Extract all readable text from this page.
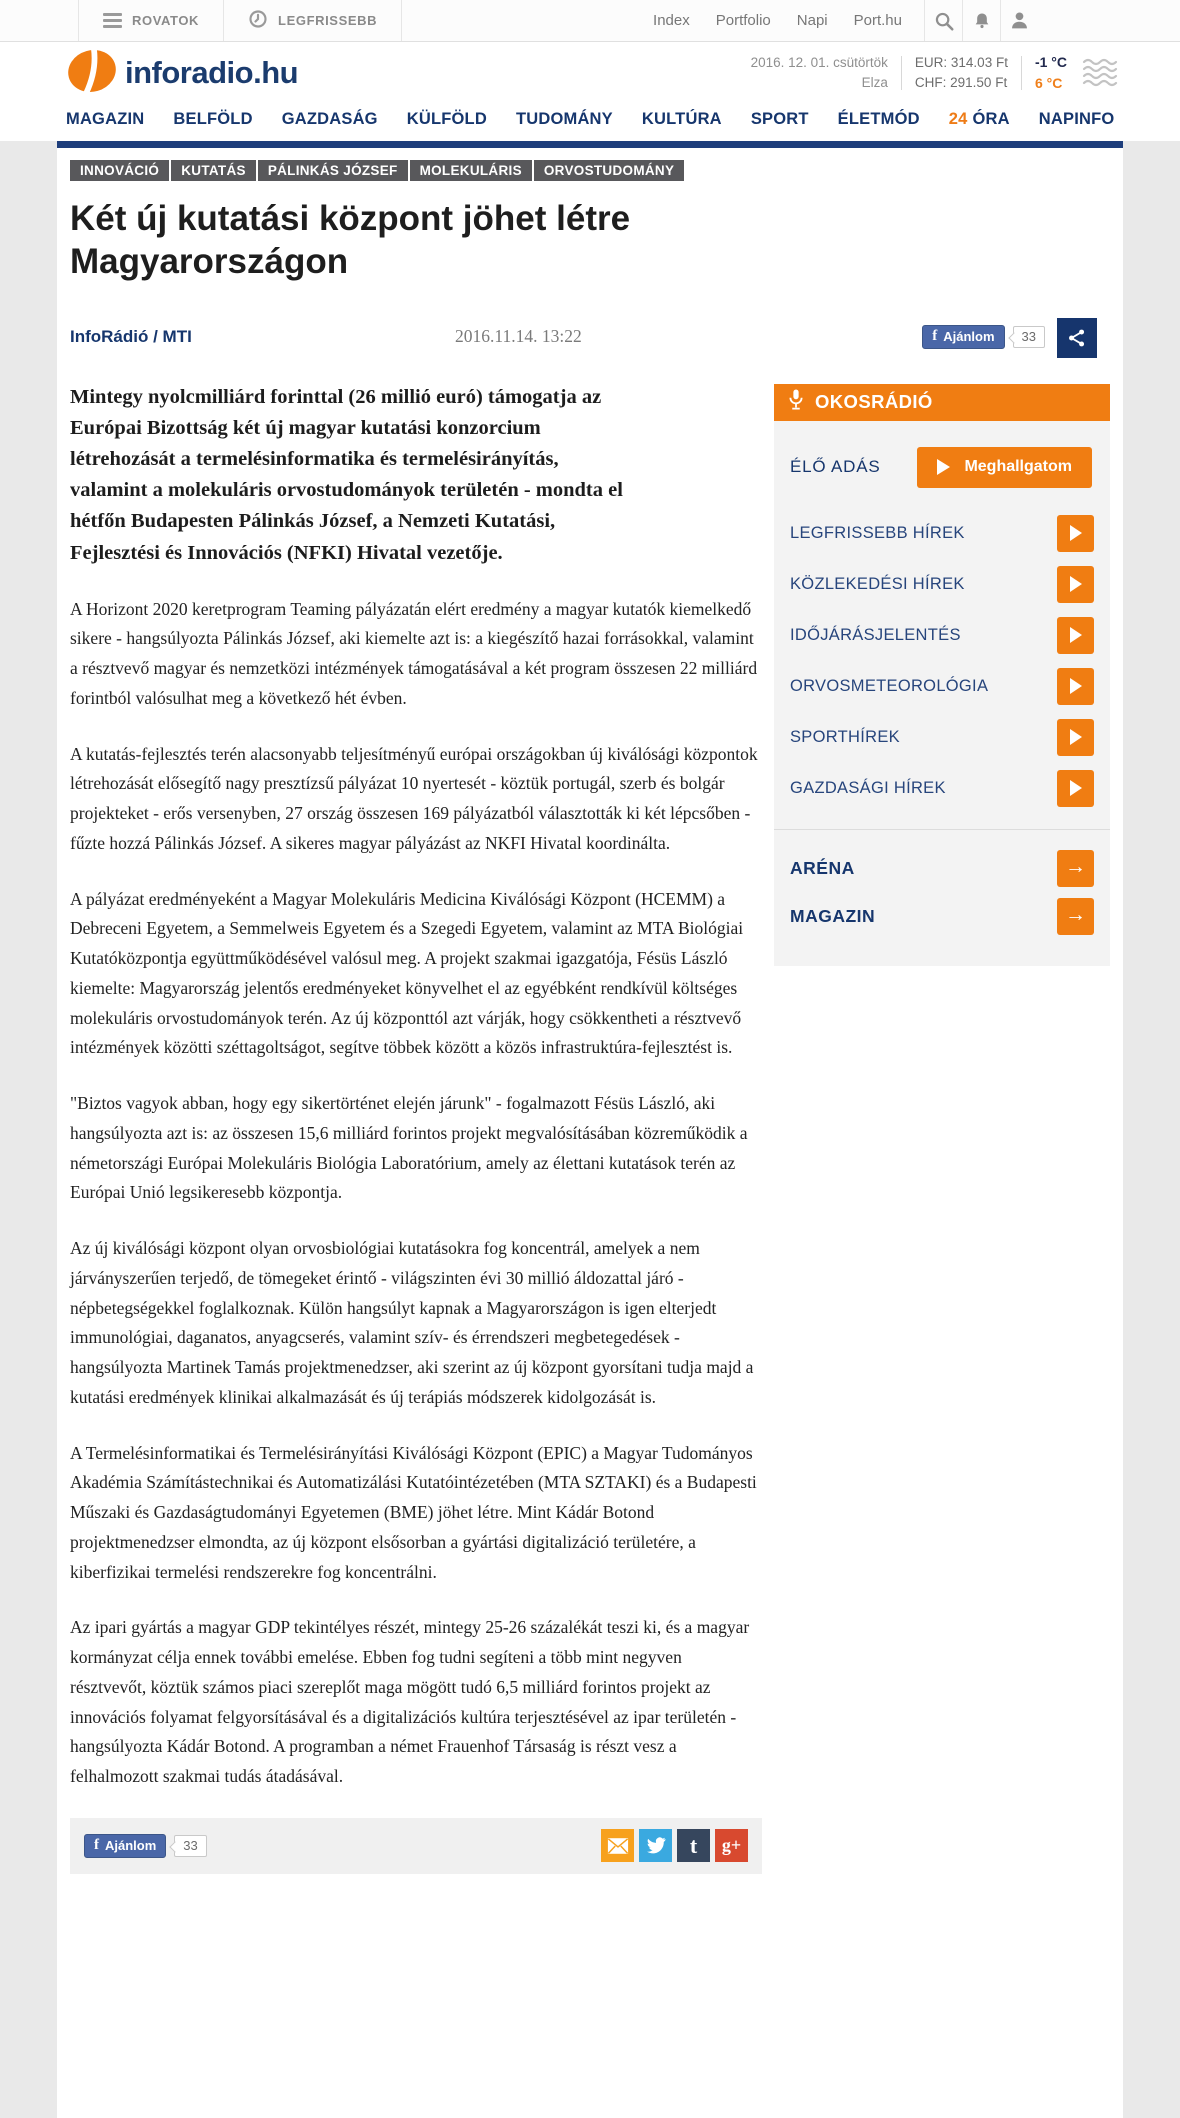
ROVATOK	LEGFRISSEBB	Index Portfolio Napi Port.hu
inforadio.hu	2016. 12. 01. csütörtök
Elza
EUR: 314.03 Ft
CHF: 291.50 Ft
-1 °C
6 °C
MAGAZIN BELFÖLD GAZDASÁG KÜLFÖLD TUDOMÁNY KULTÚRA SPORT ÉLETMÓD 24 ÓRA NAPINFO
INNOVÁCIÓ	KUTATÁS	PÁLINKÁS JÓZSEF	MOLEKULÁRIS	ORVOSTUDOMÁNY
Két új kutatási központ jöhet létre Magyarországon
InfoRádió / MTI	2016.11.14. 13:22	f Ajánlom	33

Mintegy nyolcmilliárd forinttal (26 millió euró) támogatja az Európai Bizottság két új magyar kutatási konzorcium létrehozását a termelésinformatika és termelésirányítás, valamint a molekuláris orvostudományok területén - mondta el hétfőn Budapesten Pálinkás József, a Nemzeti Kutatási, Fejlesztési és Innovációs (NFKI) Hivatal vezetője.

A Horizont 2020 keretprogram Teaming pályázatán elért eredmény a magyar kutatók kiemelkedő sikere - hangsúlyozta Pálinkás József, aki kiemelte azt is: a kiegészítő hazai forrásokkal, valamint a résztvevő magyar és nemzetközi intézmények támogatásával a két program összesen 22 milliárd forintból valósulhat meg a következő hét évben.

A kutatás-fejlesztés terén alacsonyabb teljesítményű európai országokban új kiválósági központok létrehozását elősegítő nagy presztízsű pályázat 10 nyertesét - köztük portugál, szerb és bolgár projekteket - erős versenyben, 27 ország összesen 169 pályázatból választották ki két lépcsőben - fűzte hozzá Pálinkás József. A sikeres magyar pályázást az NKFI Hivatal koordinálta.

A pályázat eredményeként a Magyar Molekuláris Medicina Kiválósági Központ (HCEMM) a Debreceni Egyetem, a Semmelweis Egyetem és a Szegedi Egyetem, valamint az MTA Biológiai Kutatóközpontja együttműködésével valósul meg. A projekt szakmai igazgatója, Fésüs László kiemelte: Magyarország jelentős eredményeket könyvelhet el az egyébként rendkívül költséges molekuláris orvostudományok terén. Az új központtól azt várják, hogy csökkentheti a résztvevő intézmények közötti széttagoltságot, segítve többek között a közös infrastruktúra-fejlesztést is.

"Biztos vagyok abban, hogy egy sikertörténet elején járunk" - fogalmazott Fésüs László, aki hangsúlyozta azt is: az összesen 15,6 milliárd forintos projekt megvalósításában közreműködik a németországi Európai Molekuláris Biológia Laboratórium, amely az élettani kutatások terén az Európai Unió legsikeresebb központja.

Az új kiválósági központ olyan orvosbiológiai kutatásokra fog koncentrál, amelyek a nem járványszerűen terjedő, de tömegeket érintő - világszinten évi 30 millió áldozattal járó - népbetegségekkel foglalkoznak. Külön hangsúlyt kapnak a Magyarországon is igen elterjedt immunológiai, daganatos, anyagcserés, valamint szív- és érrendszeri megbetegedések - hangsúlyozta Martinek Tamás projektmenedzser, aki szerint az új központ gyorsítani tudja majd a kutatási eredmények klinikai alkalmazását és új terápiás módszerek kidolgozását is.

A Termelésinformatikai és Termelésirányítási Kiválósági Központ (EPIC) a Magyar Tudományos Akadémia Számítástechnikai és Automatizálási Kutatóintézetében (MTA SZTAKI) és a Budapesti Műszaki és Gazdaságtudományi Egyetemen (BME) jöhet létre. Mint Kádár Botond projektmenedzser elmondta, az új központ elsősorban a gyártási digitalizáció területére, a kiberfizikai termelési rendszerekre fog koncentrálni.

Az ipari gyártás a magyar GDP tekintélyes részét, mintegy 25-26 százalékát teszi ki, és a magyar kormányzat célja ennek további emelése. Ebben fog tudni segíteni a több mint negyven résztvevőt, köztük számos piaci szereplőt maga mögött tudó 6,5 milliárd forintos projekt az innovációs folyamat felgyorsításával és a digitalizációs kultúra terjesztésével az ipar területén - hangsúlyozta Kádár Botond. A programban a német Frauenhof Társaság is részt vesz a felhalmozott szakmai tudás átadásával.

f Ajánlom	33	t	g+
OKOSRÁDIÓ
ÉLŐ ADÁS	Meghallgatom
LEGFRISSEBB HÍREK
KÖZLEKEDÉSI HÍREK
IDŐJÁRÁSJELENTÉS
ORVOSMETEOROLÓGIA
SPORTHÍREK
GAZDASÁGI HÍREK
ARÉNA	→
MAGAZIN	→
